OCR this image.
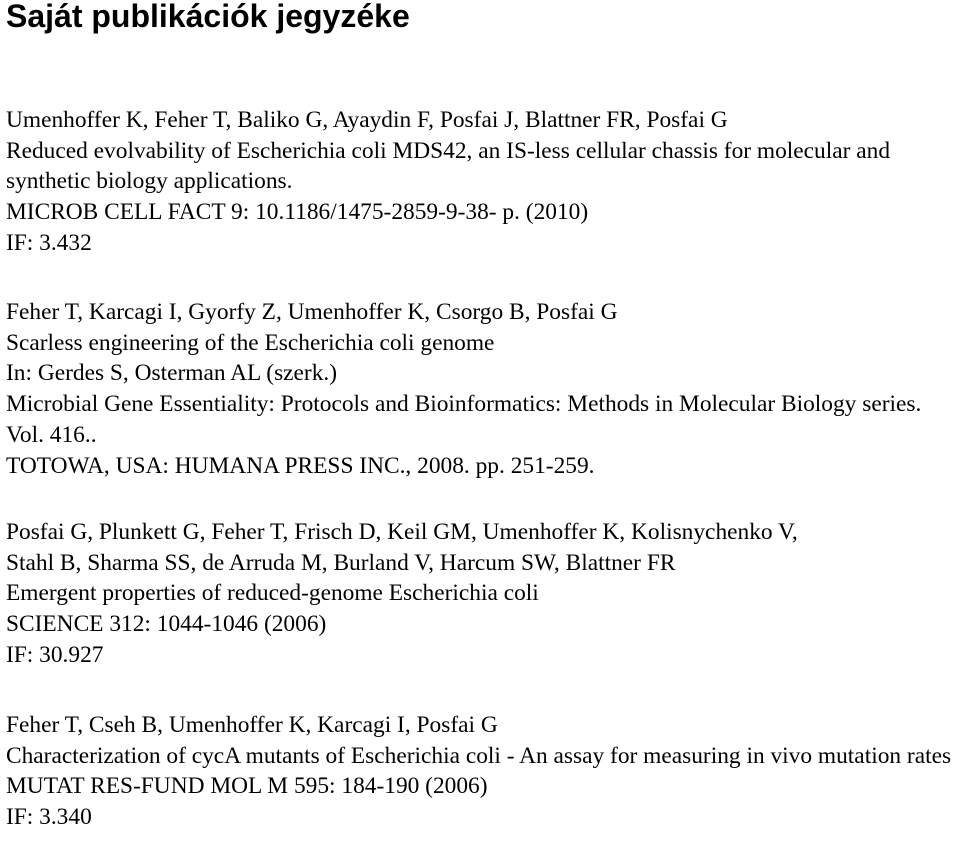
Saját publikációk jegyzéke
Umenhoffer K, Feher T, Baliko G, Ayaydin F, Posfai J, Blattner FR, Posfai G
Reduced evolvability of Escherichia coli MDS42, an IS-less cellular chassis for molecular and synthetic biology applications.
MICROB CELL FACT 9: 10.1186/1475-2859-9-38- p. (2010)
IF: 3.432
Feher T, Karcagi I, Gyorfy Z, Umenhoffer K, Csorgo B, Posfai G
Scarless engineering of the Escherichia coli genome
In: Gerdes S, Osterman AL (szerk.)
Microbial Gene Essentiality: Protocols and Bioinformatics: Methods in Molecular Biology series. Vol. 416..
TOTOWA, USA: HUMANA PRESS INC., 2008. pp. 251-259.
Posfai G, Plunkett G, Feher T, Frisch D, Keil GM, Umenhoffer K, Kolisnychenko V,
Stahl B, Sharma SS, de Arruda M, Burland V, Harcum SW, Blattner FR
Emergent properties of reduced-genome Escherichia coli
SCIENCE 312: 1044-1046 (2006)
IF: 30.927
Feher T, Cseh B, Umenhoffer K, Karcagi I, Posfai G
Characterization of cycA mutants of Escherichia coli - An assay for measuring in vivo mutation rates
MUTAT RES-FUND MOL M 595: 184-190 (2006)
IF: 3.340
